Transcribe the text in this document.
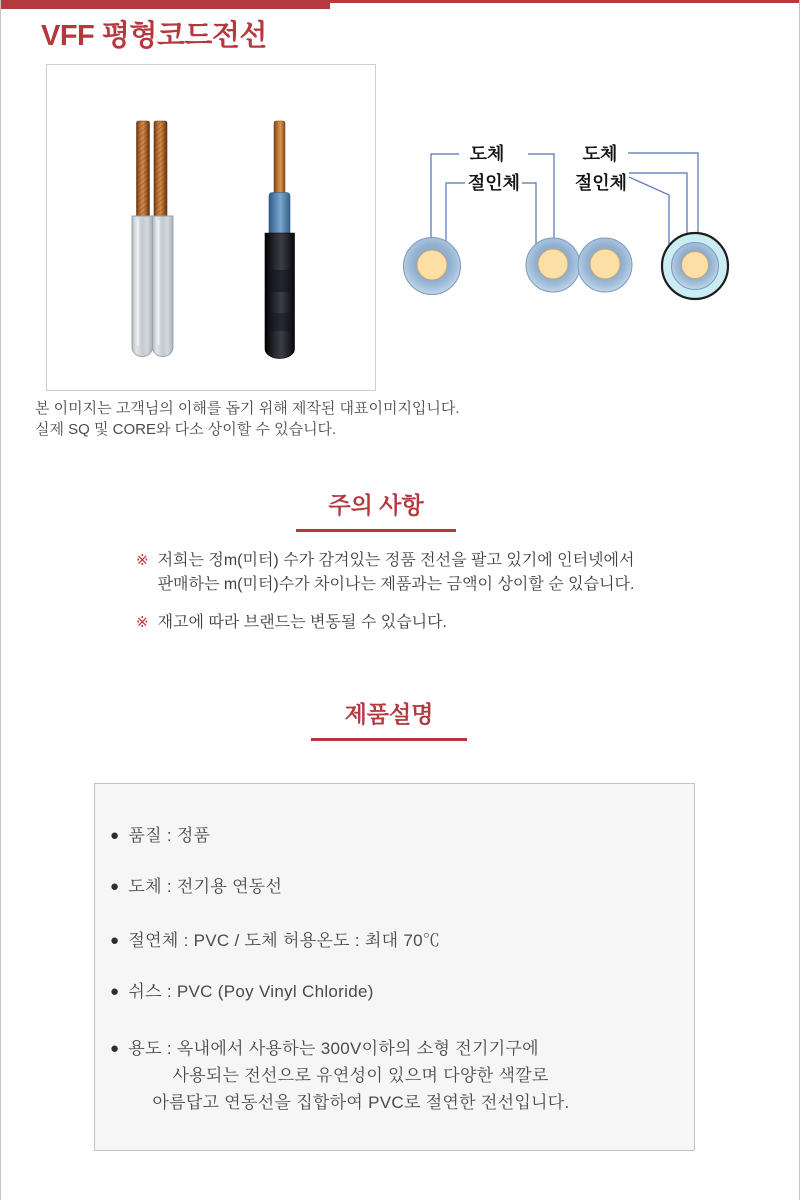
VFF 평형코드전선
도체
절인체
도체
절인체

본 이미지는 고객님의 이해를 돕기 위해 제작된 대표이미지입니다.
실제 SQ 및 CORE와 다소 상이할 수 있습니다.

주의 사항
※ 저희는 정m(미터) 수가 감겨있는 정품 전선을 팔고 있기에 인터넷에서
판매하는 m(미터)수가 차이나는 제품과는 금액이 상이할 순 있습니다.
※ 재고에 따라 브랜드는 변동될 수 있습니다.
제품설명
● 품질 : 정품
● 도체 : 전기용 연동선
● 절연체 : PVC / 도체 허용온도 : 최대 70℃
● 쉬스 : PVC (Poy Vinyl Chloride)
● 용도 : 옥내에서 사용하는 300V이하의 소형 전기기구에
사용되는 전선으로 유연성이 있으며 다양한 색깔로
아름답고 연동선을 집합하여 PVC로 절연한 전선입니다.
